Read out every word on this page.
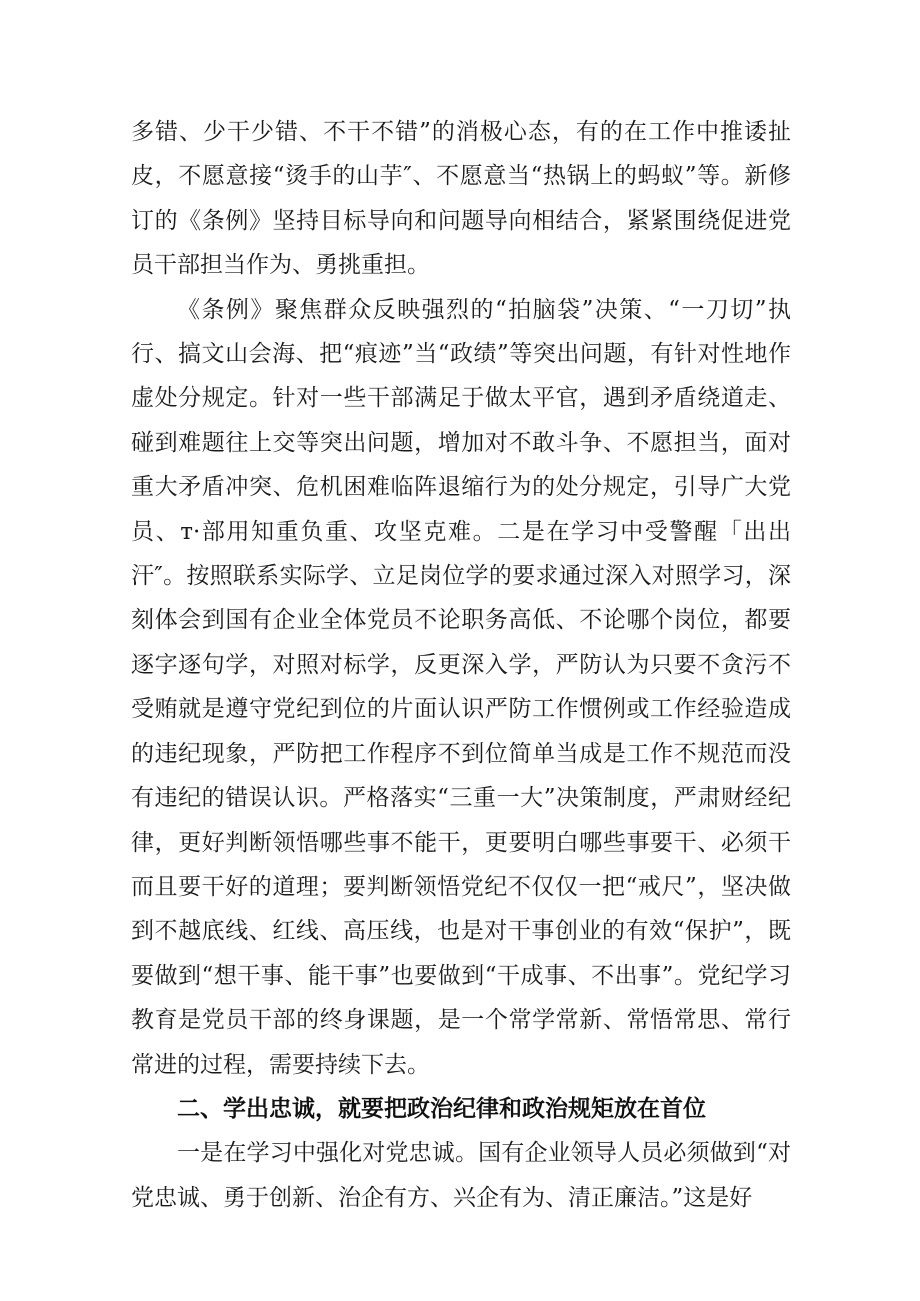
多错、少干少错、不干不错”的消极心态，有的在工作中推诿扯皮，不愿意接“烫手的山芋″、不愿意当“热锅上的蚂蚁”等。新修订的《条例》坚持目标导向和问题导向相结合，紧紧围绕促进党员干部担当作为、勇挑重担。

《条例》聚焦群众反映强烈的“拍脑袋”决策、“一刀切”执行、搞文山会海、把“痕迹”当“政绩”等突出问题，有针对性地作虚处分规定。针对一些干部满足于做太平官，遇到矛盾绕道走、碰到难题往上交等突出问题，增加对不敢斗争、不愿担当，面对重大矛盾冲突、危机困难临阵退缩行为的处分规定，引导广大党员、т·部用知重负重、攻坚克难。二是在学习中受警醒「出出汗″。按照联系实际学、立足岗位学的要求通过深入对照学习，深刻体会到国有企业全体党员不论职务高低、不论哪个岗位，都要逐字逐句学，对照对标学，反更深入学，严防认为只要不贪污不受贿就是遵守党纪到位的片面认识严防工作惯例或工作经验造成的违纪现象，严防把工作程序不到位简单当成是工作不规范而没有违纪的错误认识。严格落实“三重一大”决策制度，严肃财经纪律，更好判断领悟哪些事不能干，更要明白哪些事要干、必须干而且要干好的道理；要判断领悟党纪不仅仅一把“戒尺”，坚决做到不越底线、红线、高压线，也是对干事创业的有效“保护”，既要做到“想干事、能干事”也要做到“干成事、不出事”。党纪学习教育是党员干部的终身课题，是一个常学常新、常悟常思、常行常进的过程，需要持续下去。

二、学出忠诚，就要把政治纪律和政治规矩放在首位

一是在学习中强化对党忠诚。国有企业领导人员必须做到“对党忠诚、勇于创新、治企有方、兴企有为、清正廉洁。”这是好
